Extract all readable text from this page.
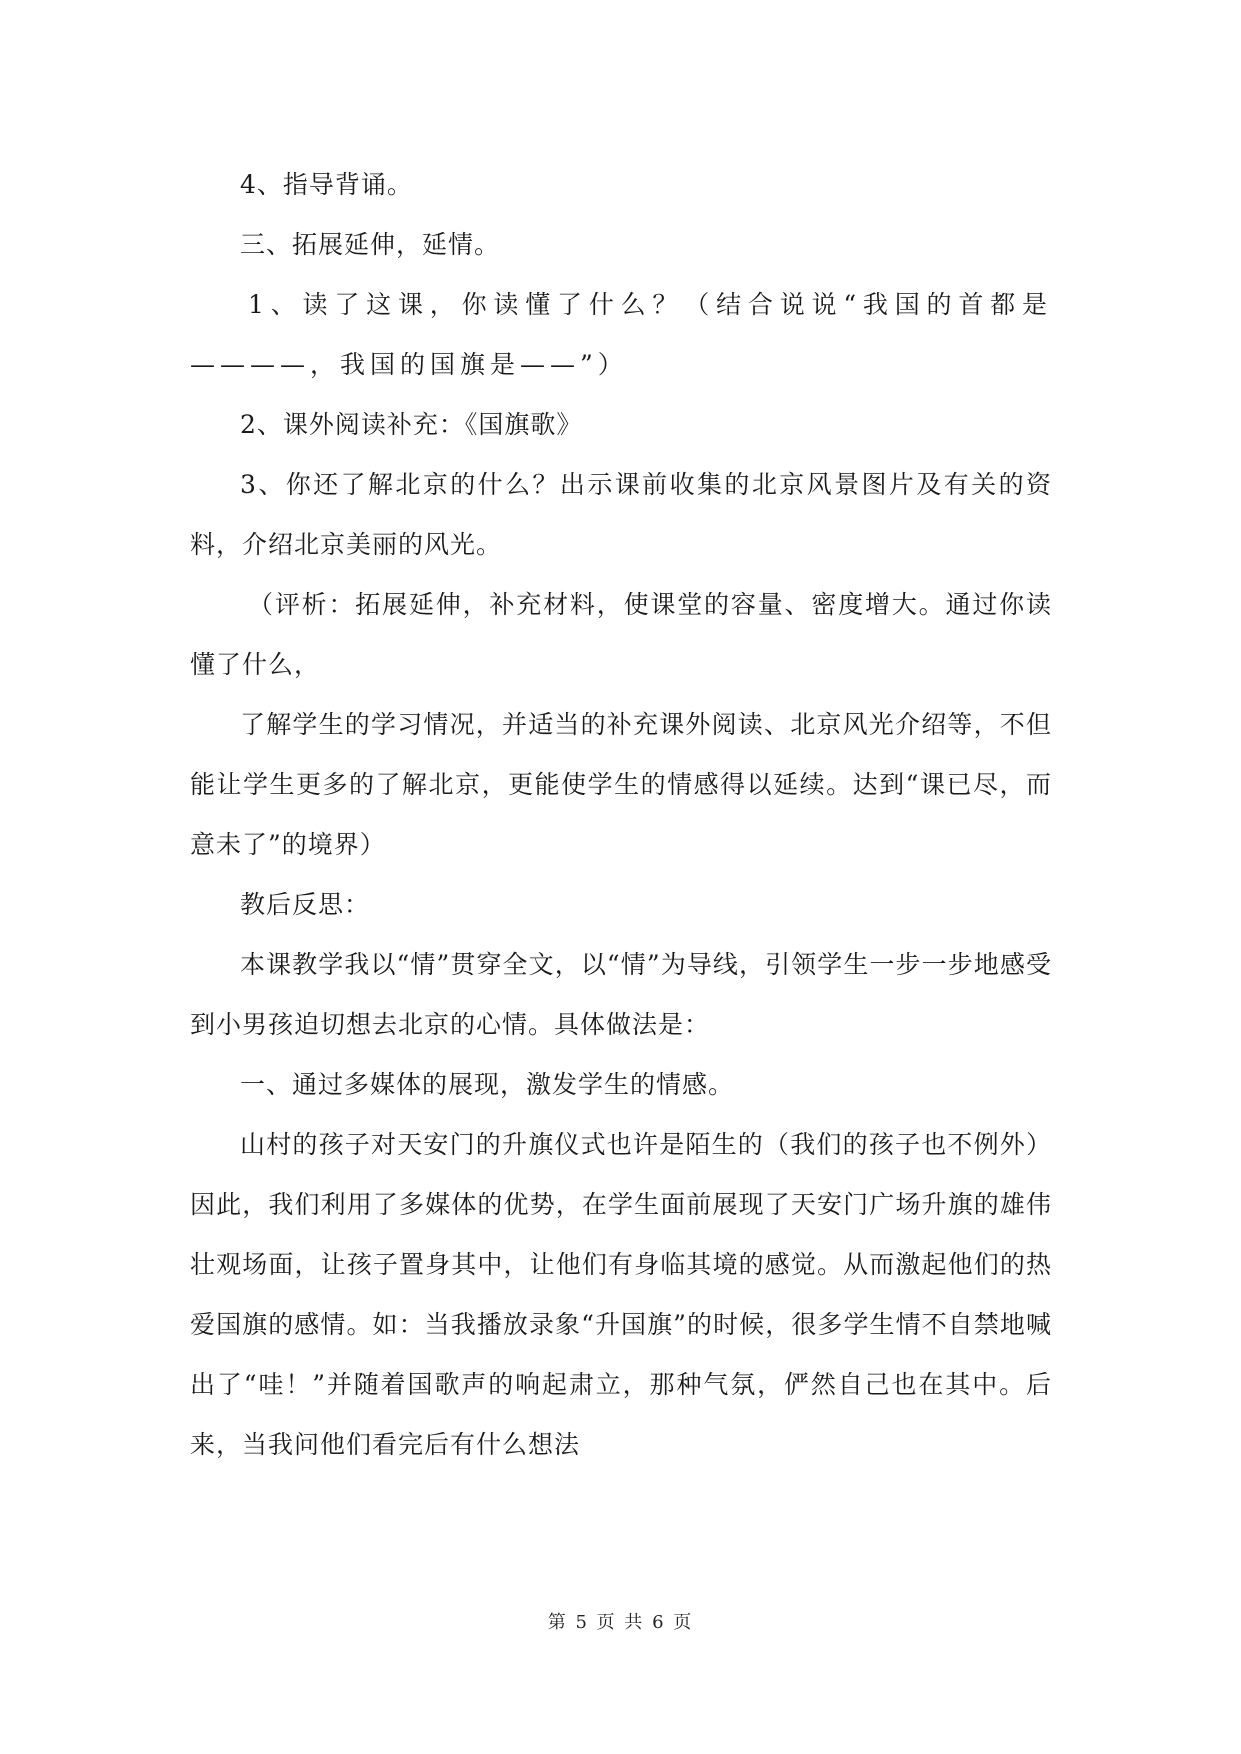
4、指导背诵。

三、拓展延伸，延情。

1、读了这课，你读懂了什么？（结合说说“我国的首都是————，我国的国旗是——”）

2、课外阅读补充：《国旗歌》

3、你还了解北京的什么？出示课前收集的北京风景图片及有关的资料，介绍北京美丽的风光。

（评析：拓展延伸，补充材料，使课堂的容量、密度增大。通过你读懂了什么，

了解学生的学习情况，并适当的补充课外阅读、北京风光介绍等，不但能让学生更多的了解北京，更能使学生的情感得以延续。达到“课已尽，而意未了”的境界）

教后反思：

本课教学我以“情”贯穿全文，以“情”为导线，引领学生一步一步地感受到小男孩迫切想去北京的心情。具体做法是：

一、通过多媒体的展现，激发学生的情感。

山村的孩子对天安门的升旗仪式也许是陌生的（我们的孩子也不例外）因此，我们利用了多媒体的优势，在学生面前展现了天安门广场升旗的雄伟壮观场面，让孩子置身其中，让他们有身临其境的感觉。从而激起他们的热爱国旗的感情。如：当我播放录象“升国旗”的时候，很多学生情不自禁地喊出了“哇！”并随着国歌声的响起肃立，那种气氛，俨然自己也在其中。后来，当我问他们看完后有什么想法

第 5 页 共 6 页
